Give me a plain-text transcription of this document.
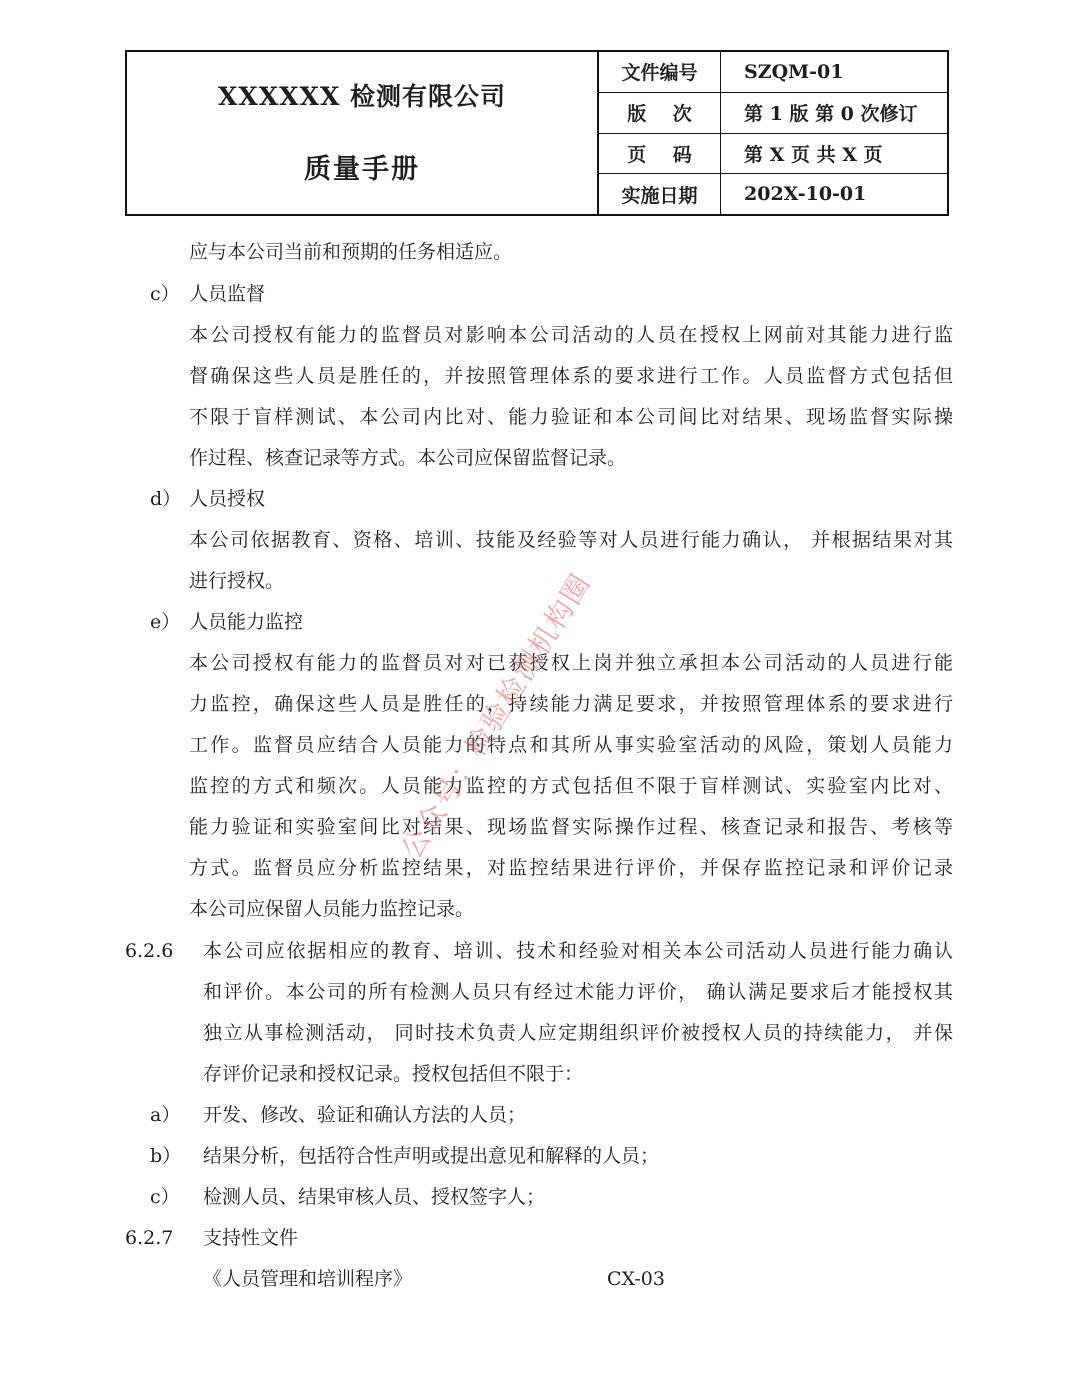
XXXXXX 检测有限公司
质量手册
文件编号	SZQM-01
版    次	第 1 版 第 0 次修订
页    码	第 X 页 共 X 页
实施日期	202X-10-01
应与本公司当前和预期的任务相适应。
c） 人员监督
本公司授权有能力的监督员对影响本公司活动的人员在授权上网前对其能力进行监
督确保这些人员是胜任的，并按照管理体系的要求进行工作。人员监督方式包括但
不限于盲样测试、本公司内比对、能力验证和本公司间比对结果、现场监督实际操
作过程、核查记录等方式。本公司应保留监督记录。
d） 人员授权
本公司依据教育、资格、培训、技能及经验等对人员进行能力确认， 并根据结果对其
进行授权。
e） 人员能力监控
本公司授权有能力的监督员对对已获授权上岗并独立承担本公司活动的人员进行能
力监控，确保这些人员是胜任的，持续能力满足要求，并按照管理体系的要求进行
工作。监督员应结合人员能力的特点和其所从事实验室活动的风险，策划人员能力
监控的方式和频次。人员能力监控的方式包括但不限于盲样测试、实验室内比对、
能力验证和实验室间比对结果、现场监督实际操作过程、核查记录和报告、考核等
方式。监督员应分析监控结果，对监控结果进行评价，并保存监控记录和评价记录
本公司应保留人员能力监控记录。
6.2.6 本公司应依据相应的教育、培训、技术和经验对相关本公司活动人员进行能力确认
和评价。本公司的所有检测人员只有经过术能力评价， 确认满足要求后才能授权其
独立从事检测活动， 同时技术负责人应定期组织评价被授权人员的持续能力， 并保
存评价记录和授权记录。授权包括但不限于：
a） 开发、修改、验证和确认方法的人员；
b） 结果分析，包括符合性声明或提出意见和解释的人员；
c） 检测人员、结果审核人员、授权签字人；
6.2.7 支持性文件
《人员管理和培训程序》	CX-03
公众号：检验检测机构圈
